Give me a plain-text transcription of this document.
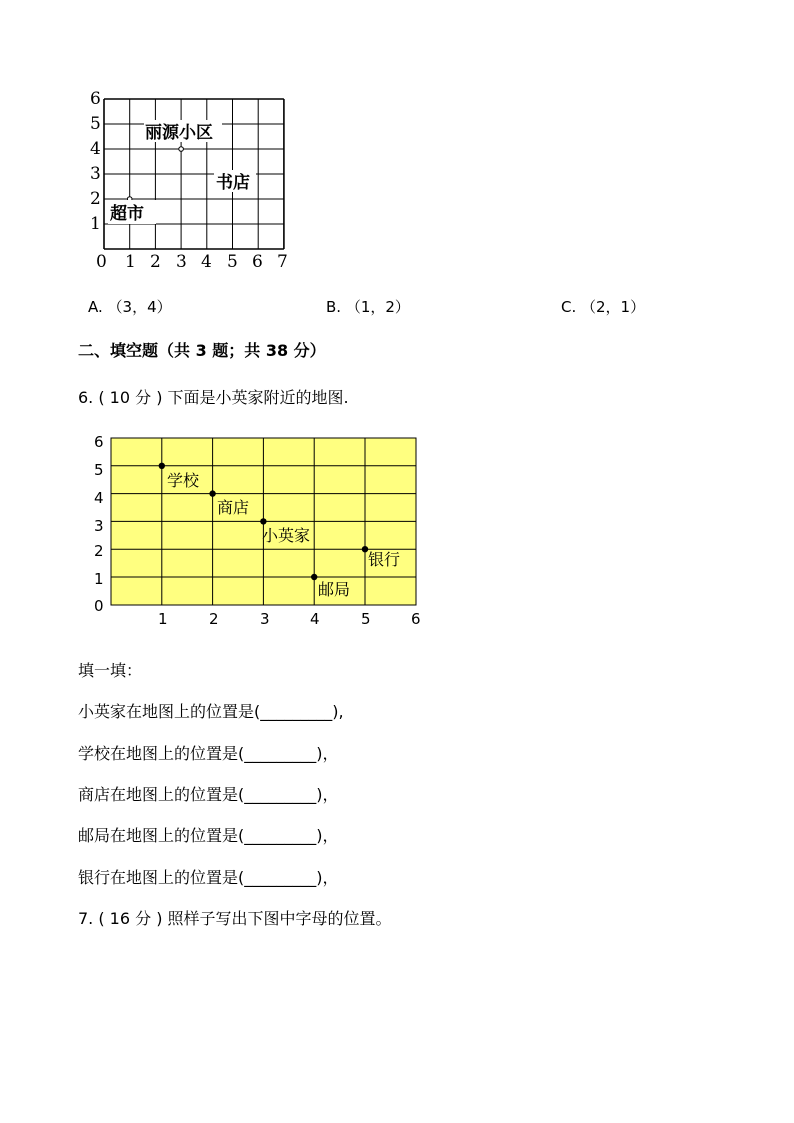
6
5
4
3
2
1
0 1 2 3 4 5 6 7
丽源小区
书店
超市
A. （3，4）	B. （1，2）	C. （2，1）
二、填空题（共 3 题；共 38 分）
6. ( 10 分 ) 下面是小英家附近的地图.
6
5
4
3
2
1
0
1	2	3	4	5	6
学校
商店
小英家
银行
邮局
填一填：
小英家在地图上的位置是(_________),
学校在地图上的位置是(_________)，
商店在地图上的位置是(_________)，
邮局在地图上的位置是(_________)，
银行在地图上的位置是(_________)，
7. ( 16 分 ) 照样子写出下图中字母的位置。
